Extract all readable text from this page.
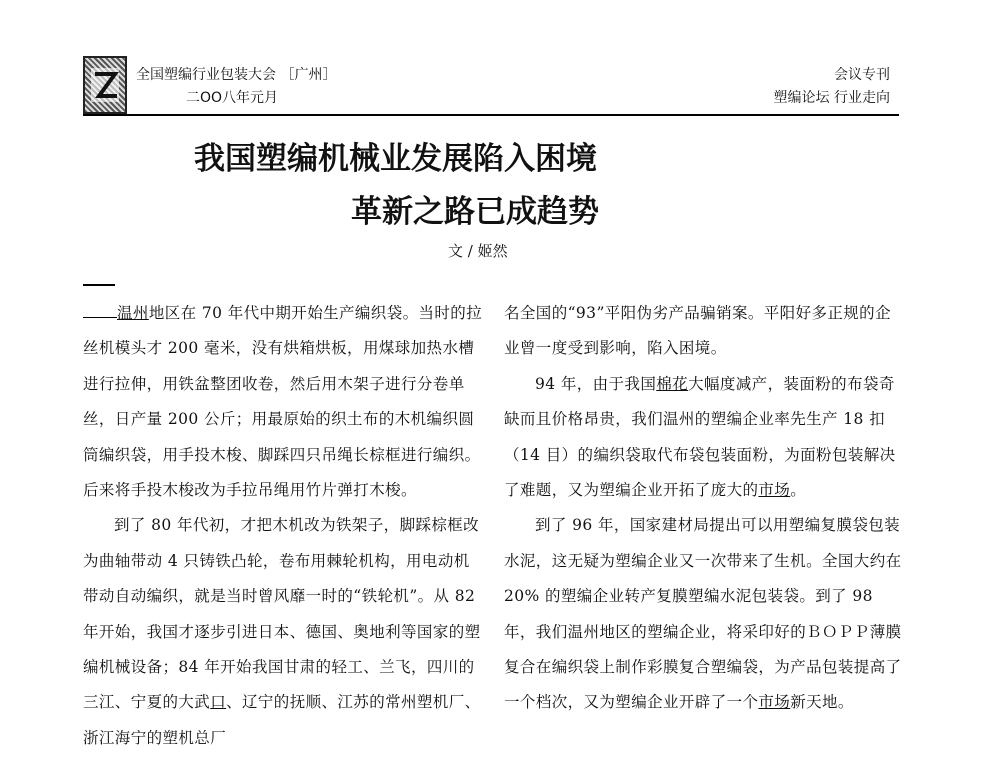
全国塑编行业包装大会 ［广州］
二OO八年元月
会议专刊
塑编论坛 行业走向
我国塑编机械业发展陷入困境
革新之路已成趋势
文 / 姬然

温州地区在 70 年代中期开始生产编织袋。当时的拉丝机模头才 200 毫米，没有烘箱烘板，用煤球加热水槽进行拉伸，用铁盆整团收卷，然后用木架子进行分卷单丝，日产量 200 公斤；用最原始的织土布的木机编织圆筒编织袋，用手投木梭、脚踩四只吊绳长棕框进行编织。后来将手投木梭改为手拉吊绳用竹片弹打木梭。

到了 80 年代初，才把木机改为铁架子，脚踩棕框改为曲轴带动 4 只铸铁凸轮，卷布用棘轮机构，用电动机带动自动编织，就是当时曾风靡一时的“铁轮机”。从 82 年开始，我国才逐步引进日本、德国、奥地利等国家的塑编机械设备；84 年开始我国甘肃的轻工、兰飞，四川的三江、宁夏的大武口、辽宁的抚顺、江苏的常州塑机厂、浙江海宁的塑机总厂

名全国的“93”平阳伪劣产品骗销案。平阳好多正规的企业曾一度受到影响，陷入困境。

94 年，由于我国棉花大幅度减产，装面粉的布袋奇缺而且价格昂贵，我们温州的塑编企业率先生产 18 扣（14 目）的编织袋取代布袋包装面粉，为面粉包装解决了难题，又为塑编企业开拓了庞大的市场。

到了 96 年，国家建材局提出可以用塑编复膜袋包装水泥，这无疑为塑编企业又一次带来了生机。全国大约在 20% 的塑编企业转产复膜塑编水泥包装袋。到了 98 年，我们温州地区的塑编企业，将采印好的ＢＯＰＰ薄膜复合在编织袋上制作彩膜复合塑编袋，为产品包装提高了一个档次，又为塑编企业开辟了一个市场新天地。
